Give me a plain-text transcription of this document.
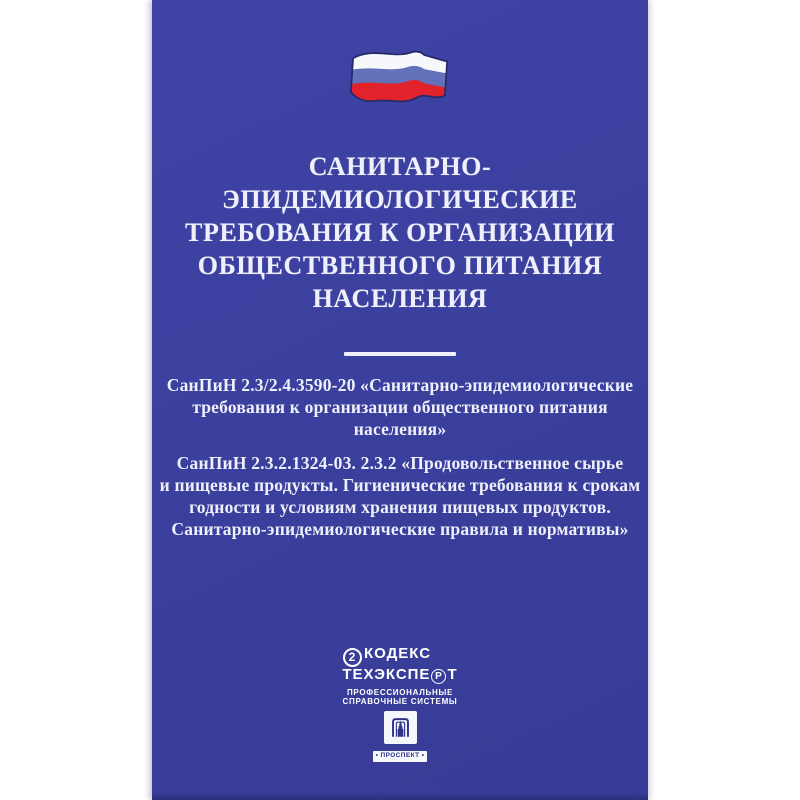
САНИТАРНО-
ЭПИДЕМИОЛОГИЧЕСКИЕ
ТРЕБОВАНИЯ К ОРГАНИЗАЦИИ
ОБЩЕСТВЕННОГО ПИТАНИЯ
НАСЕЛЕНИЯ
СанПиН 2.3/2.4.3590-20 «Санитарно-эпидемиологические
требования к организации общественного питания
населения»
СанПиН 2.3.2.1324-03. 2.3.2 «Продовольственное сырье
и пищевые продукты. Гигиенические требования к срокам
годности и условиям хранения пищевых продуктов.
Санитарно-эпидемиологические правила и нормативы»
2 КОДЕКС
ТЕХЭКСПЕ Р Т
ПРОФЕССИОНАЛЬНЫЕ
СПРАВОЧНЫЕ СИСТЕМЫ
• ПРОСПЕКТ •
